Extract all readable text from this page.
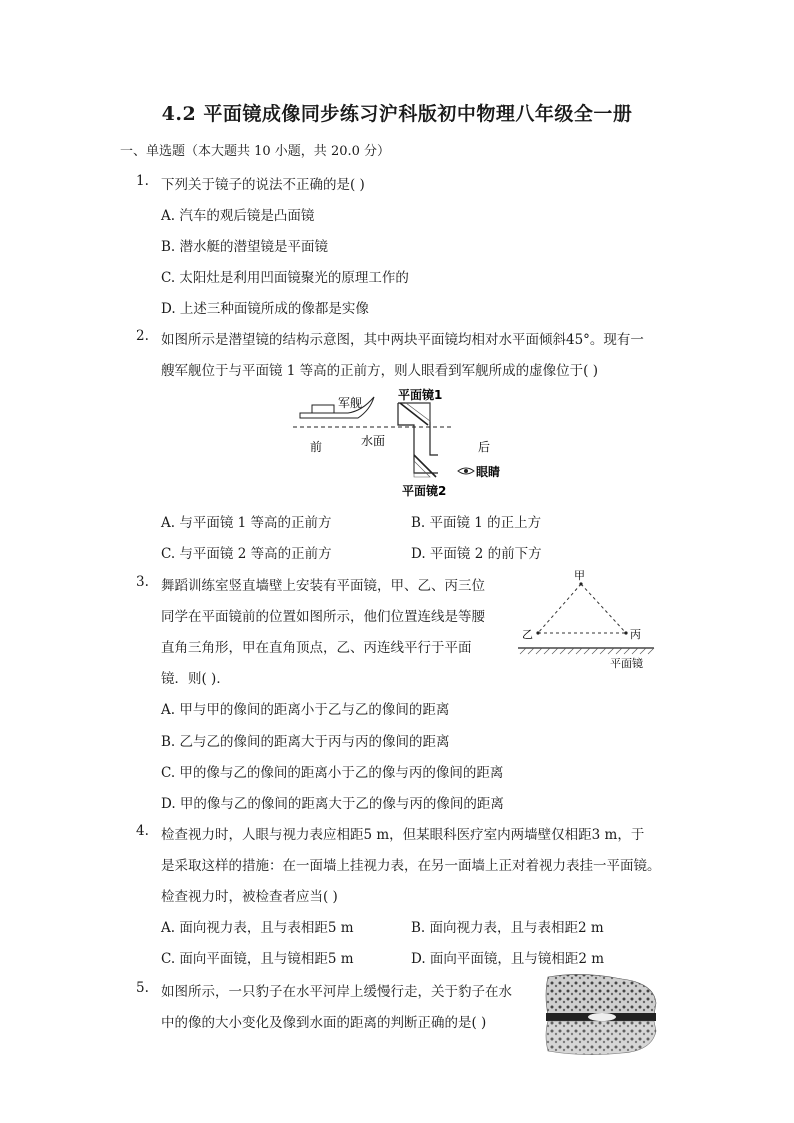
4.2 平面镜成像同步练习沪科版初中物理八年级全一册
一、单选题（本大题共 10 小题，共 20.0 分）
1. 下列关于镜子的说法不正确的是( )
A. 汽车的观后镜是凸面镜
B. 潜水艇的潜望镜是平面镜
C. 太阳灶是利用凹面镜聚光的原理工作的
D. 上述三种面镜所成的像都是实像
2. 如图所示是潜望镜的结构示意图，其中两块平面镜均相对水平面倾斜45°。现有一
艘军舰位于与平面镜 1 等高的正前方，则人眼看到军舰所成的虚像位于( )
军舰
平面镜1
前	水面	后
眼睛
平面镜2
A. 与平面镜 1 等高的正前方	B. 平面镜 1 的正上方
C. 与平面镜 2 等高的正前方	D. 平面镜 2 的前下方
3. 舞蹈训练室竖直墙壁上安装有平面镜，甲、乙、丙三位
同学在平面镜前的位置如图所示，他们位置连线是等腰
直角三角形，甲在直角顶点，乙、丙连线平行于平面
镜．则( )．
甲
乙	丙
平面镜
A. 甲与甲的像间的距离小于乙与乙的像间的距离
B. 乙与乙的像间的距离大于丙与丙的像间的距离
C. 甲的像与乙的像间的距离小于乙的像与丙的像间的距离
D. 甲的像与乙的像间的距离大于乙的像与丙的像间的距离
4. 检查视力时，人眼与视力表应相距5 m，但某眼科医疗室内两墙壁仅相距3 m，于
是采取这样的措施：在一面墙上挂视力表，在另一面墙上正对着视力表挂一平面镜。
检查视力时，被检查者应当( )
A. 面向视力表，且与表相距5 m	B. 面向视力表，且与表相距2 m
C. 面向平面镜，且与镜相距5 m	D. 面向平面镜，且与镜相距2 m
5. 如图所示，一只豹子在水平河岸上缓慢行走，关于豹子在水
中的像的大小变化及像到水面的距离的判断正确的是( )
